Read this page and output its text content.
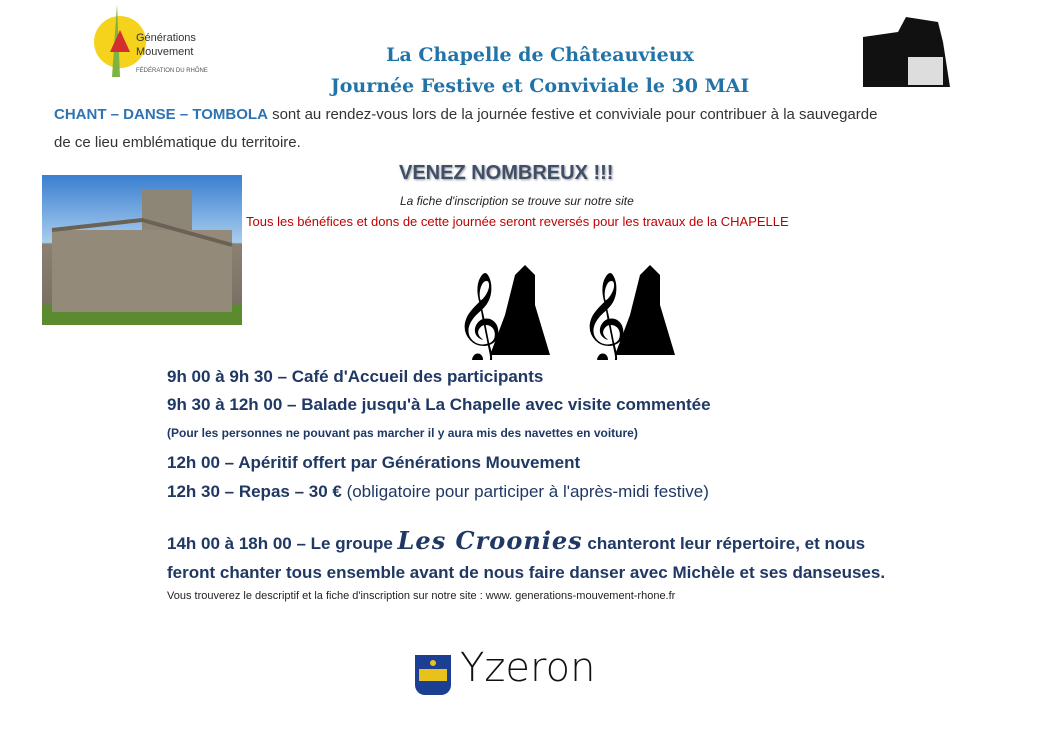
Générations
Mouvement
FÉDÉRATION DU RHÔNE
La Chapelle de Châteauvieux
Journée Festive et Conviviale le 30 MAI
CHANT – DANSE – TOMBOLA sont au rendez-vous lors de la journée festive et conviviale pour contribuer à la sauvegarde
de ce lieu emblématique du territoire.
VENEZ NOMBREUX !!!
La fiche d'inscription se trouve sur notre site
Tous les bénéfices et dons de cette journée seront reversés pour les travaux de la CHAPELLE
𝄞 𝄞
9h 00 à 9h 30 – Café d'Accueil des participants
9h 30 à 12h 00 – Balade jusqu'à La Chapelle avec visite commentée
(Pour les personnes ne pouvant pas marcher il y aura mis des navettes en voiture)
12h 00 – Apéritif offert par Générations Mouvement
12h 30 – Repas – 30 € (obligatoire pour participer à l'après-midi festive)
14h 00 à 18h 00 – Le groupe Les Croonies chanteront leur répertoire, et nous
feront chanter tous ensemble avant de nous faire danser avec Michèle et ses danseuses.
Vous trouverez le descriptif et la fiche d'inscription sur notre site : www. generations-mouvement-rhone.fr
Yzeron
